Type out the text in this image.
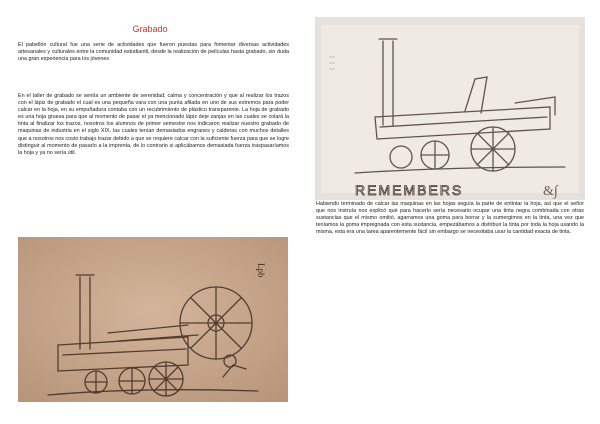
Grabado

El pabellón cultural fue una serie de actividades que fueron puestas para fomentar diversas actividades artesanales y culturales entre la comunidad estudiantil, desde la realización de películas hasta grabado, sin duda una gran experiencia para los jóvenes

En el taller de grabado se sentía un ambiente de serenidad, calma y concentración y que al realizar los trazos con el lápiz de grabado el cual es una pequeña vara con una punta afilada en uno de sus extremos para poder calcar en la hoja, en su empuñadura contaba con un recubrimiento de plástico transparente. La hoja de grabado es una hoja gruesa para que al momento de pasar el ya mencionado lápiz deje zanjas en las cuales se colará la tinta al finalizar los trazos, nosotros los alumnos de primer semestre nos indicaron realizar nuestro grabado de maquinas de industria en el siglo XIX, las cuales tenían demasiados engranes y calderas con muchos detalles que a nosotros nos costo trabajo trazar debido a que se requiere calcar con la suficiente fuerza para que se logre distinguir al momento de pasarlo a la imprenta, de lo contrario si aplicábamos demasiada fuerza traspasaríamos la hoja y ya no sería útil.

Habiendo terminado de calcar las maquinas en las hojas seguía la parte de entintar la hoja, así que el señor que nos instruía nos explicó qué para hacerlo sería necesario ocupar una tinta negra combinada con otras sustancias que el mismo omitió, agarramos una goma para borrar y la sumergimos en la tinta, una vez que teníamos la goma impregnada con esta sustancia, empezábamos a distribuir la tinta por toda la hoja usando la misma, esta era una tarea aparentemente fácil sin embargo se necesitaba usar la cantidad exacta de tinta.

Lpb
REMEMBERS	&∫
